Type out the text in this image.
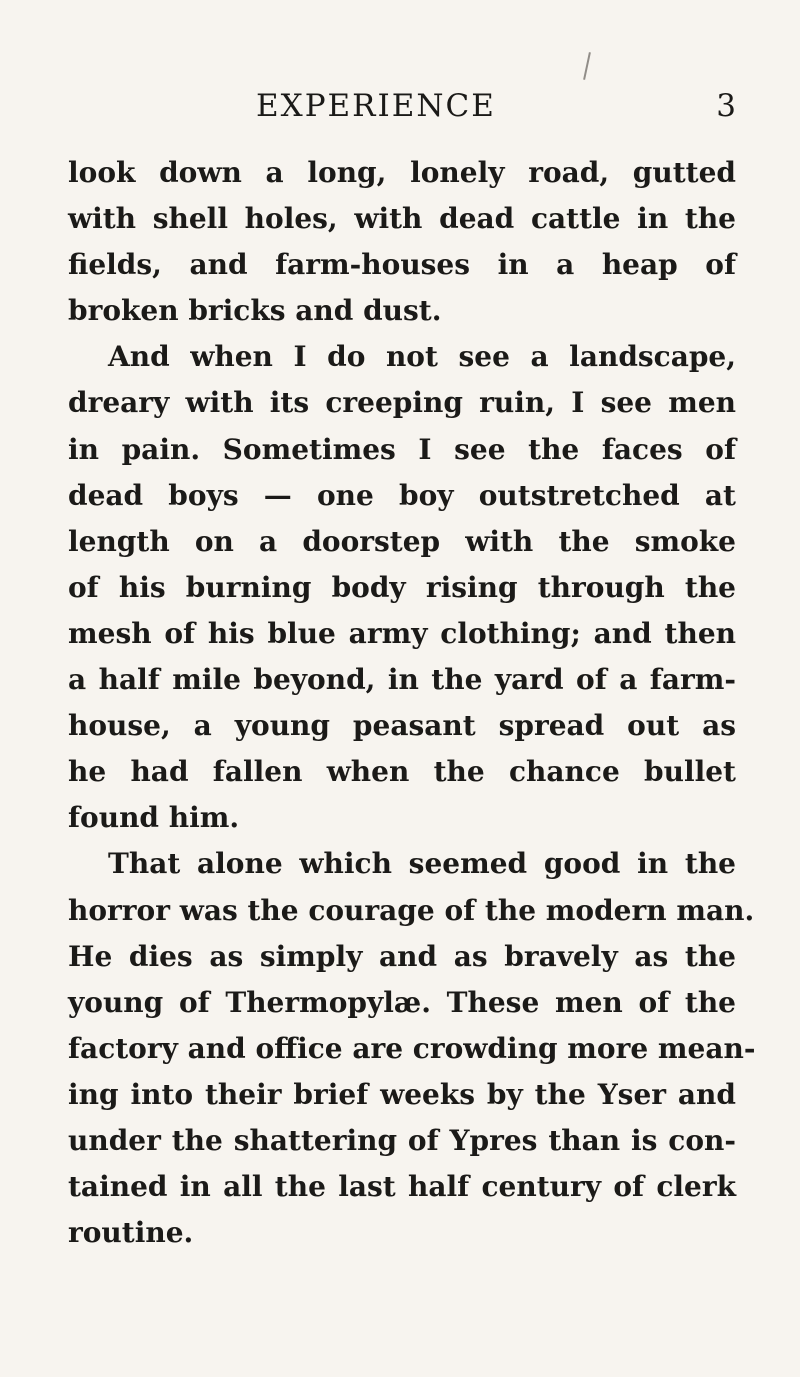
EXPERIENCE	3
look down a long, lonely road, gutted
with shell holes, with dead cattle in the
fields, and farm-houses in a heap of
broken bricks and dust.
And when I do not see a landscape,
dreary with its creeping ruin, I see men
in pain. Sometimes I see the faces of
dead boys — one boy outstretched at
length on a doorstep with the smoke
of his burning body rising through the
mesh of his blue army clothing; and then
a half mile beyond, in the yard of a farm-
house, a young peasant spread out as
he had fallen when the chance bullet
found him.
That alone which seemed good in the
horror was the courage of the modern man.
He dies as simply and as bravely as the
young of Thermopylæ. These men of the
factory and office are crowding more mean-
ing into their brief weeks by the Yser and
under the shattering of Ypres than is con-
tained in all the last half century of clerk
routine.
